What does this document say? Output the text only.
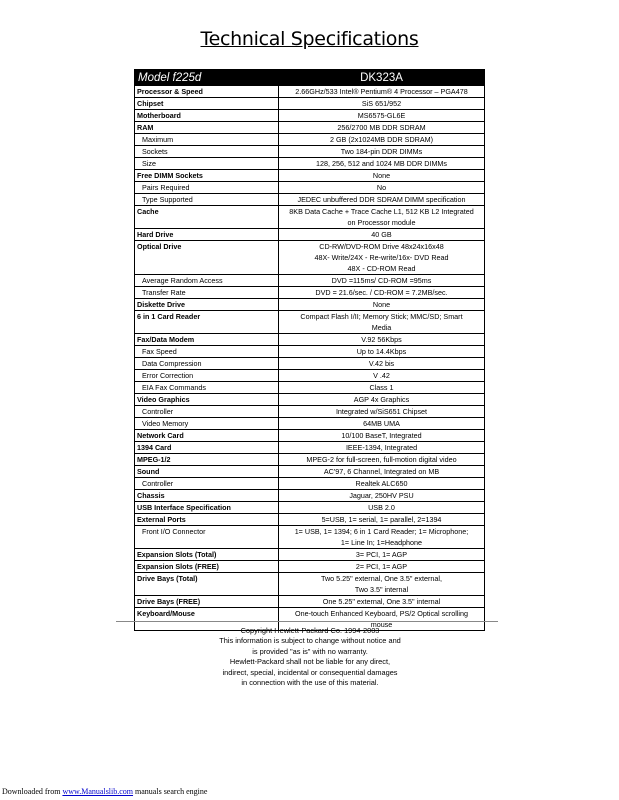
Technical Specifications
Model f225d	DK323A
Processor & Speed	2.66GHz/533 Intel® Pentium® 4 Processor – PGA478

Chipset	SiS 651/952

Motherboard	MS6575-GL6E

RAM	256/2700 MB DDR SDRAM

Maximum	2 GB (2x1024MB DDR SDRAM)

Sockets	Two 184-pin DDR DIMMs

Size	128, 256, 512 and 1024 MB DDR DIMMs

Free DIMM Sockets	None

Pairs Required	No

Type Supported	JEDEC unbuffered DDR SDRAM DIMM specification

Cache	8KB Data Cache + Trace Cache L1, 512 KB L2 Integrated
on Processor module

Hard Drive	40 GB

Optical Drive	CD-RW/DVD-ROM Drive 48x24x16x48
48X- Write/24X - Re-write/16x- DVD Read
48X - CD-ROM Read

Average Random Access	DVD =115ms/ CD-ROM =95ms

Transfer Rate	DVD = 21.6/sec. / CD-ROM = 7.2MB/sec.

Diskette Drive	None

6 in 1 Card Reader	Compact Flash I/II; Memory Stick; MMC/SD; Smart
Media

Fax/Data Modem	V.92 56Kbps

Fax Speed	Up to 14.4Kbps

Data Compression	V.42 bis

Error Correction	V .42

EIA Fax Commands	Class 1

Video Graphics	AGP 4x Graphics

Controller	Integrated w/SiS651 Chipset

Video Memory	64MB UMA

Network Card	10/100 BaseT, Integrated

1394 Card	IEEE-1394, Integrated

MPEG-1/2	MPEG-2 for full-screen, full-motion digital video

Sound	AC'97, 6 Channel, Integrated on MB

Controller	Realtek ALC650

Chassis	Jaguar, 250HV PSU

USB Interface Specification	USB 2.0

External Ports	5=USB, 1= serial, 1= parallel, 2=1394

Front I/O Connector	1= USB, 1= 1394; 6 in 1 Card Reader; 1= Microphone;
1= Line In; 1=Headphone

Expansion Slots (Total)	3= PCI, 1= AGP

Expansion Slots (FREE)	2= PCI, 1= AGP

Drive Bays (Total)	Two 5.25" external, One 3.5" external,
Two 3.5" internal

Drive Bays (FREE)	One 5.25" external, One 3.5" internal

Keyboard/Mouse	One-touch Enhanced Keyboard, PS/2 Optical scrolling
mouse
Copyright Hewlett-Packard Co. 1994-2003
This information is subject to change without notice and
is provided "as is" with no warranty.
Hewlett-Packard shall not be liable for any direct,
indirect, special, incidental or consequential damages
in connection with the use of this material.
Downloaded from www.Manualslib.com manuals search engine
